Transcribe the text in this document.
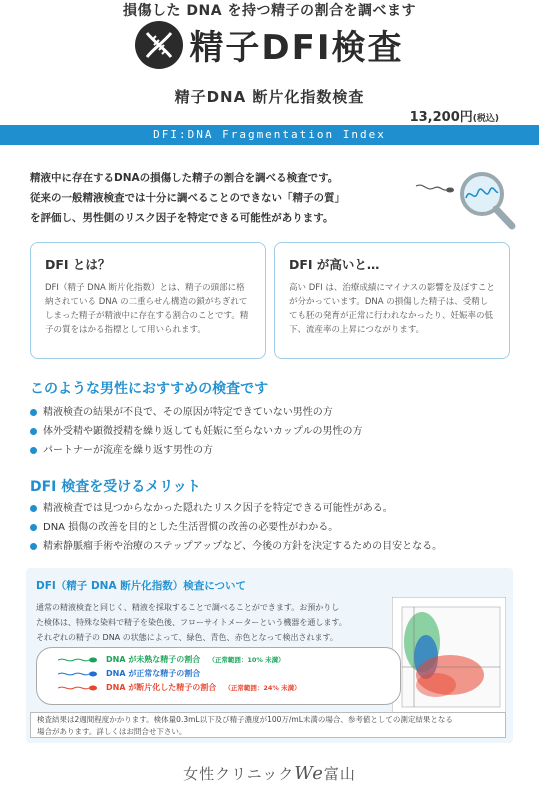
損傷した DNA を持つ精子の割合を調べます
精子DFI検査
精子DNA 断片化指数検査
13,200円(税込)
DFI:DNA Fragmentation Index
精液中に存在するDNAの損傷した精子の割合を調べる検査です。
従来の一般精液検査では十分に調べることのできない「精子の質」
を評価し、男性側のリスク因子を特定できる可能性があります。
DFI とは？

DFI（精子 DNA 断片化指数）とは、精子の頭部に格納されている DNA の二重らせん構造の鎖がちぎれてしまった精子が精液中に存在する割合のことです。精子の質をはかる指標として用いられます。

DFI が高いと…

高い DFI は、治療成績にマイナスの影響を及ぼすことが分かっています。DNA の損傷した精子は、受精しても胚の発育が正常に行われなかったり、妊娠率の低下、流産率の上昇につながります。

このような男性におすすめの検査です
精液検査の結果が不良で、その原因が特定できていない男性の方
体外受精や顕微授精を繰り返しても妊娠に至らないカップルの男性の方
パートナーが流産を繰り返す男性の方
DFI 検査を受けるメリット
精液検査では見つからなかった隠れたリスク因子を特定できる可能性がある。
DNA 損傷の改善を目的とした生活習慣の改善の必要性がわかる。
精索静脈瘤手術や治療のステップアップなど、今後の方針を決定するための目安となる。
DFI（精子 DNA 断片化指数）検査について
通常の精液検査と同じく、精液を採取することで調べることができます。お預かりし
た検体は、特殊な染料で精子を染色後、フローサイトメーターという機器を通します。
それぞれの精子の DNA の状態によって、緑色、青色、赤色となって検出されます。
DNA が未熟な精子の割合 （正常範囲：10% 未満）
DNA が正常な精子の割合
DNA が断片化した精子の割合 （正常範囲：24% 未満）
検査結果は2週間程度かかります。検体量0.3mL以下及び精子濃度が100万/mL未満の場合、参考値としての測定結果となる
場合があります。詳しくはお問合せ下さい。
女性クリニックWe富山
